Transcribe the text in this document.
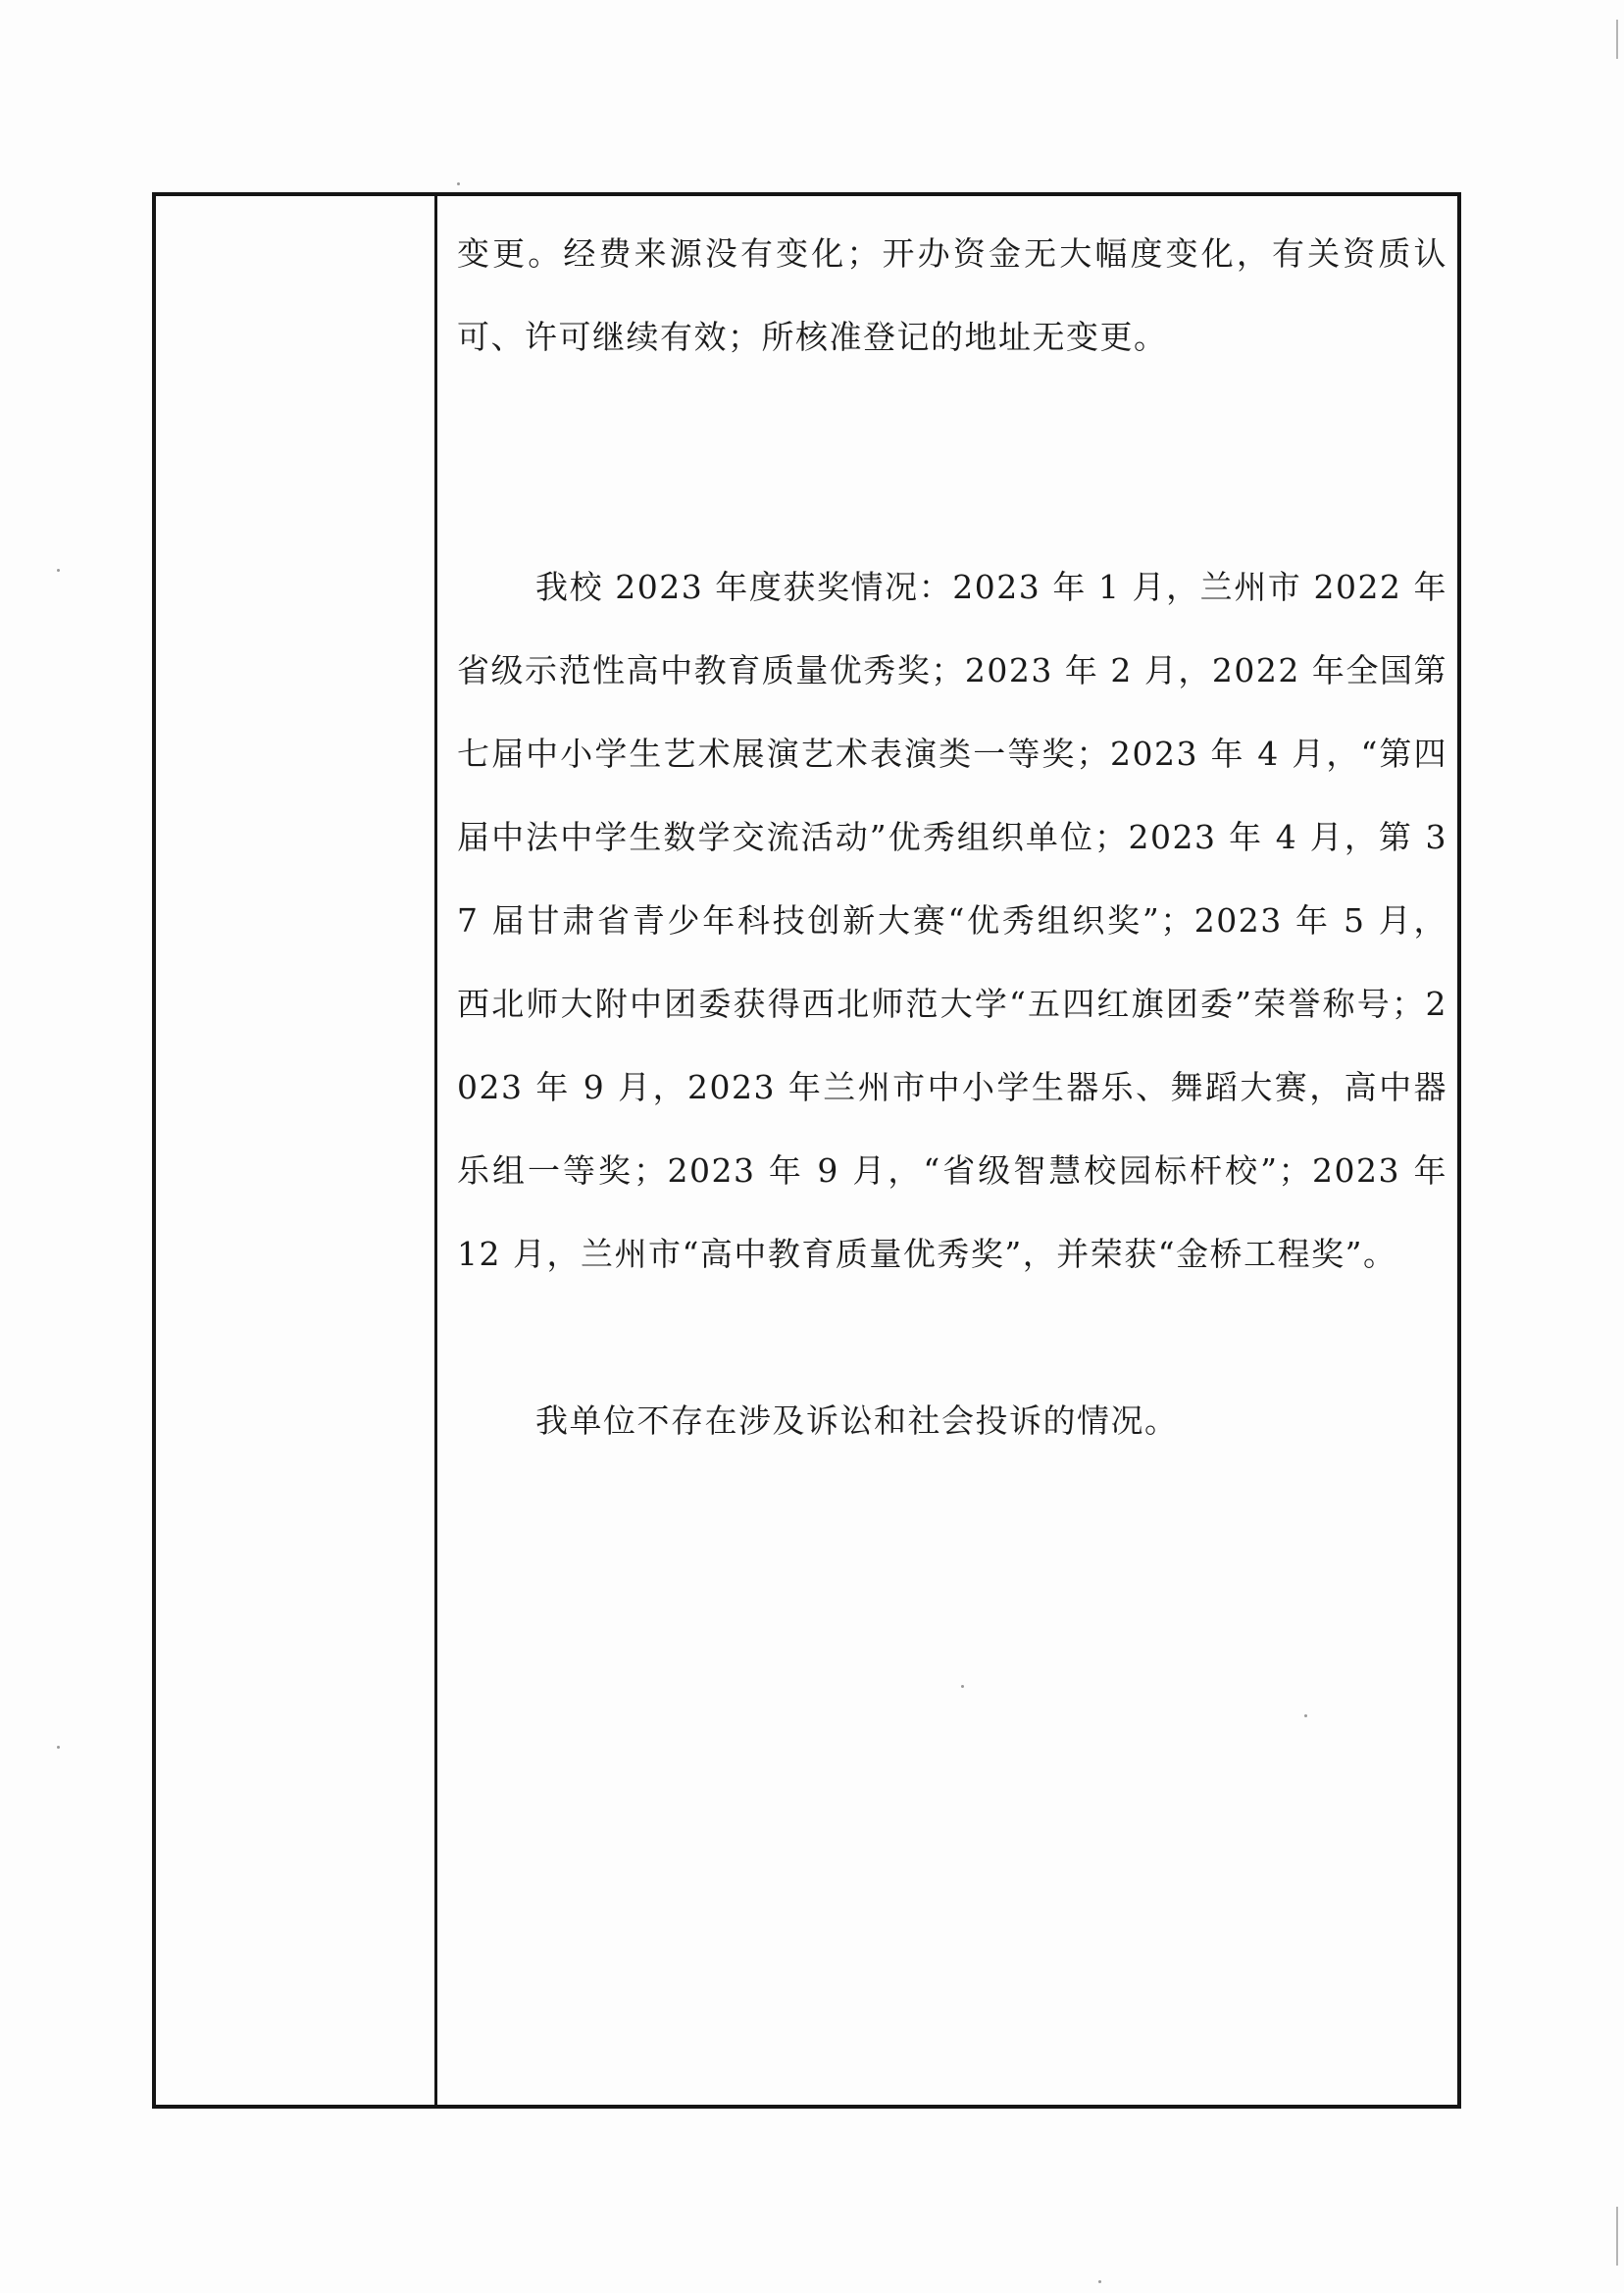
变更。经费来源没有变化；开办资金无大幅度变化，有关资质认可、许可继续有效；所核准登记的地址无变更。

我校 2023 年度获奖情况：2023 年 1 月，兰州市 2022 年省级示范性高中教育质量优秀奖；2023 年 2 月，2022 年全国第七届中小学生艺术展演艺术表演类一等奖；2023 年 4 月，“第四届中法中学生数学交流活动”优秀组织单位；2023 年 4 月，第 37 届甘肃省青少年科技创新大赛“优秀组织奖”；2023 年 5 月，西北师大附中团委获得西北师范大学“五四红旗团委”荣誉称号；2023 年 9 月，2023 年兰州市中小学生器乐、舞蹈大赛，高中器乐组一等奖；2023 年 9 月，“省级智慧校园标杆校”；2023 年 12 月，兰州市“高中教育质量优秀奖”，并荣获“金桥工程奖”。

我单位不存在涉及诉讼和社会投诉的情况。
